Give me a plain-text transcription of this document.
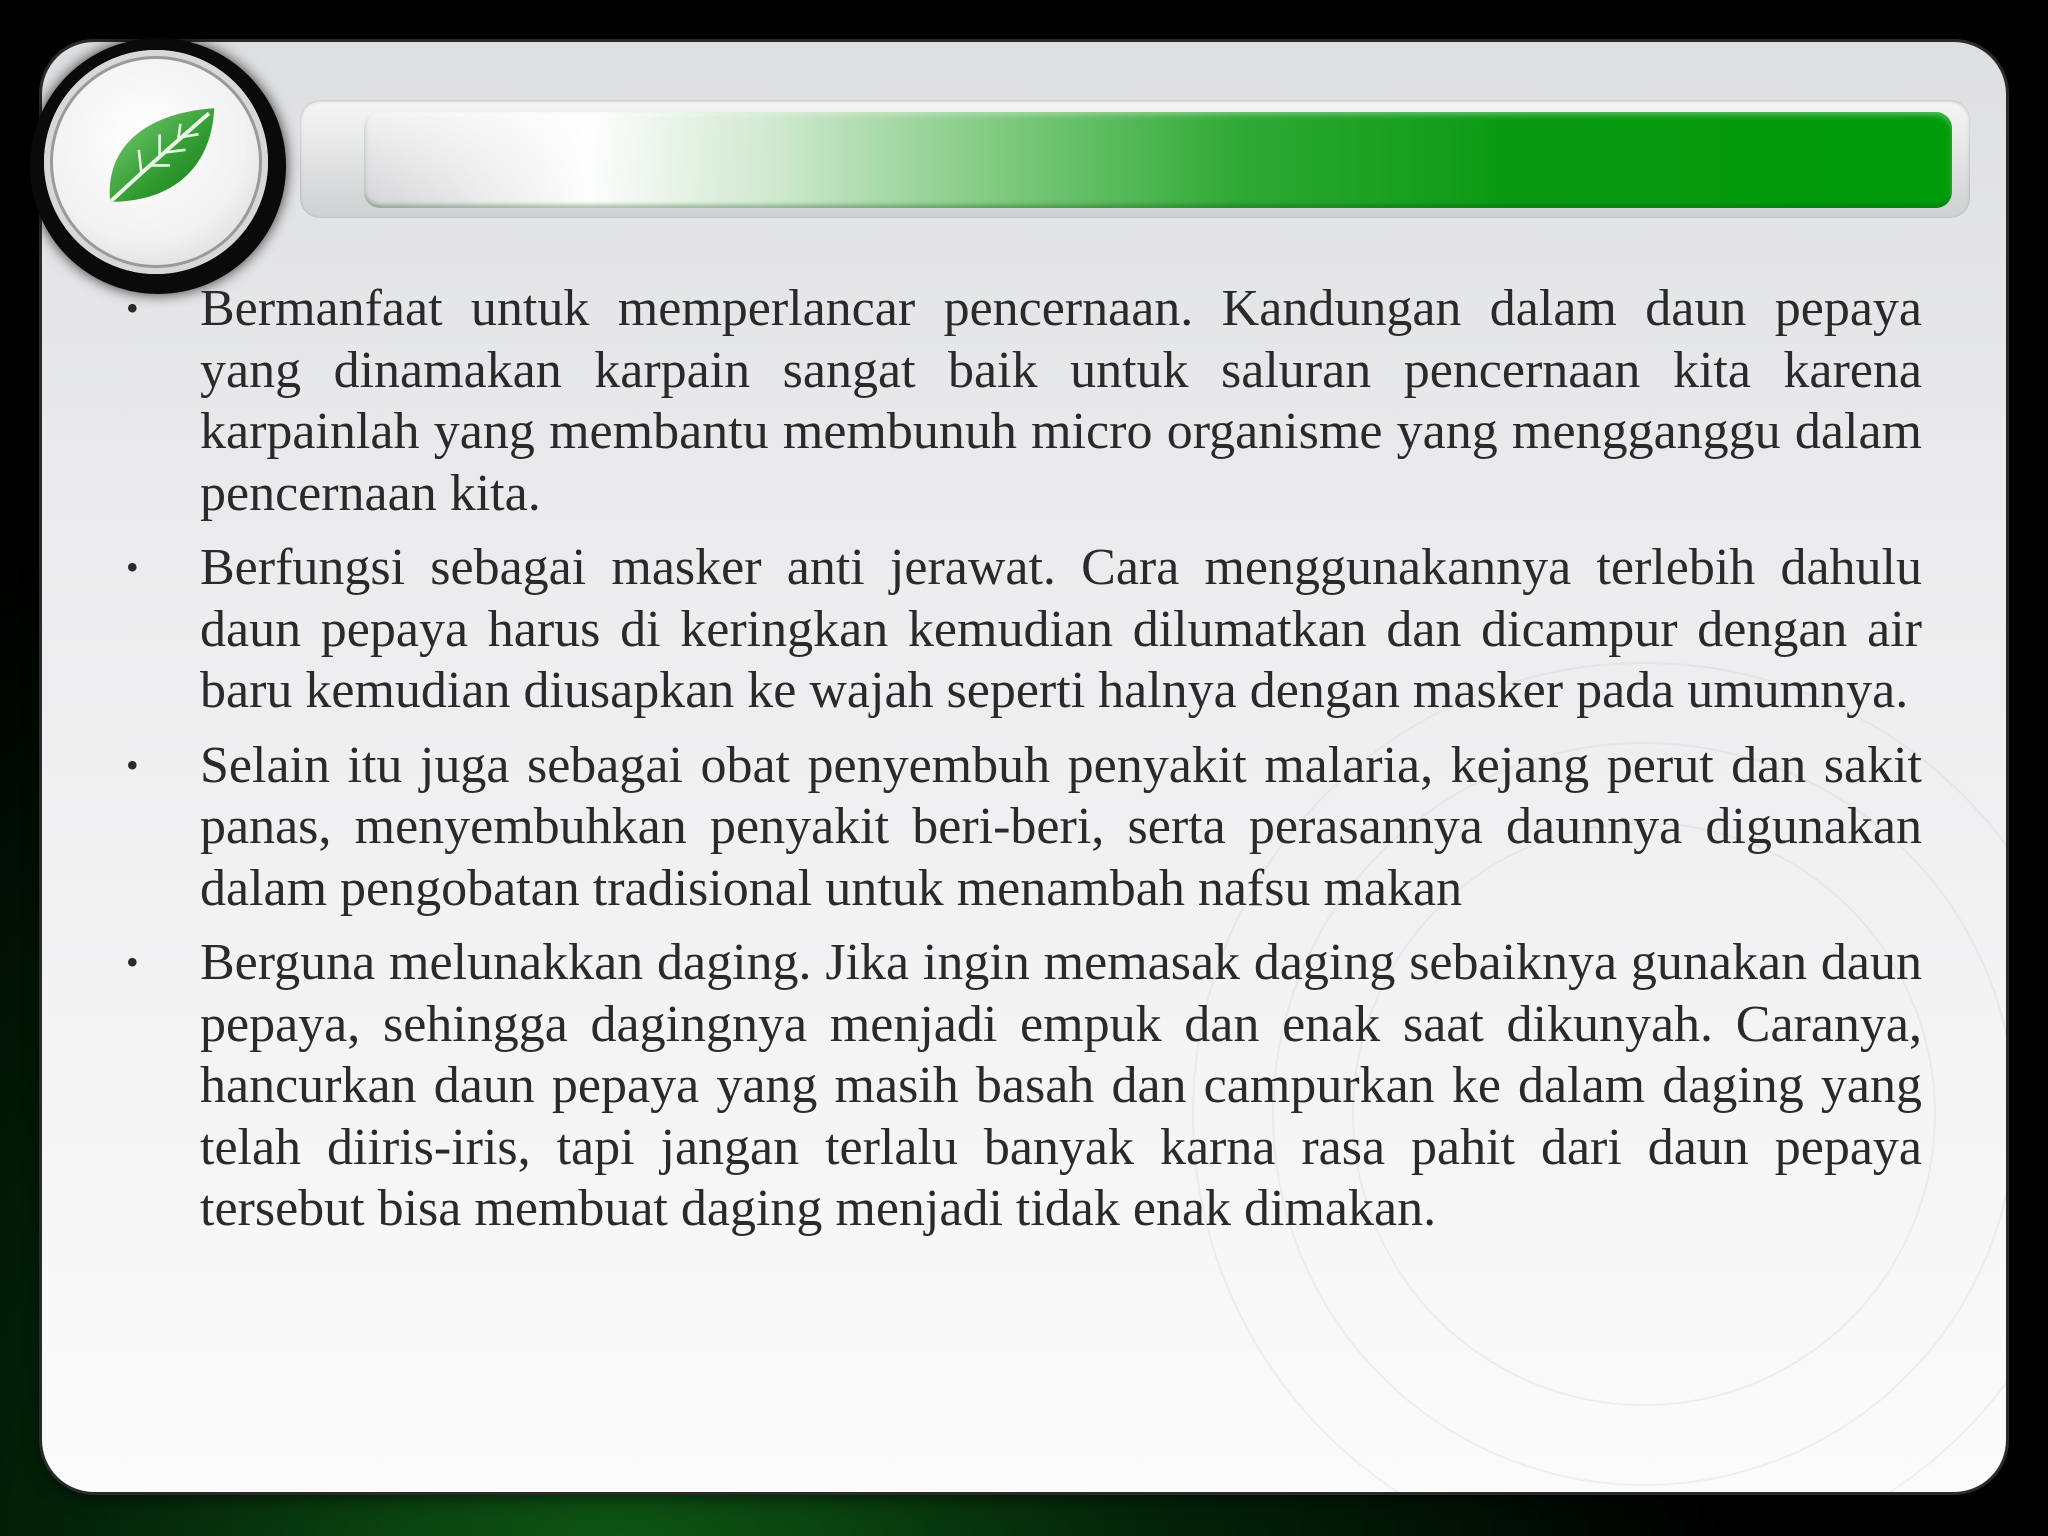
• Bermanfaat untuk memperlancar pencernaan. Kandungan dalam daun pepaya yang dinamakan karpain sangat baik untuk saluran pencernaan kita karena karpainlah yang membantu membunuh micro organisme yang mengganggu dalam pencernaan kita.
• Berfungsi sebagai masker anti jerawat. Cara menggunakannya terlebih dahulu daun pepaya harus di keringkan kemudian dilumatkan dan dicampur dengan air baru kemudian diusapkan ke wajah seperti halnya dengan masker pada umumnya.
• Selain itu juga sebagai obat penyembuh penyakit malaria, kejang perut dan sakit panas, menyembuhkan penyakit beri-beri, serta perasannya daunnya digunakan dalam pengobatan tradisional untuk menambah nafsu makan
• Berguna melunakkan daging. Jika ingin memasak daging sebaiknya gunakan daun pepaya, sehingga dagingnya menjadi empuk dan enak saat dikunyah. Caranya, hancurkan daun pepaya yang masih basah dan campurkan ke dalam daging yang telah diiris-iris, tapi jangan terlalu banyak karna rasa pahit dari daun pepaya tersebut bisa membuat daging menjadi tidak enak dimakan.
